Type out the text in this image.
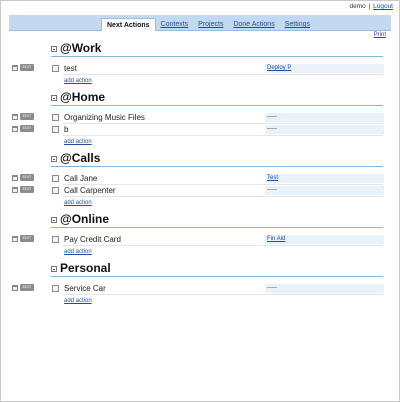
demo | Logout
Next Actions	Contexts	Projects	Done Actions	Settings
Print
@Work
EDIT	test	Deploy P
add action
@Home
EDIT	Organizing Music Files	-----
EDIT	b	-----
add action
@Calls
EDIT	Call Jane	Test
EDIT	Call Carpenter	-----
add action
@Online
EDIT	Pay Credit Card	Fin Aid
add action
Personal
EDIT	Service Car	-----
add action
